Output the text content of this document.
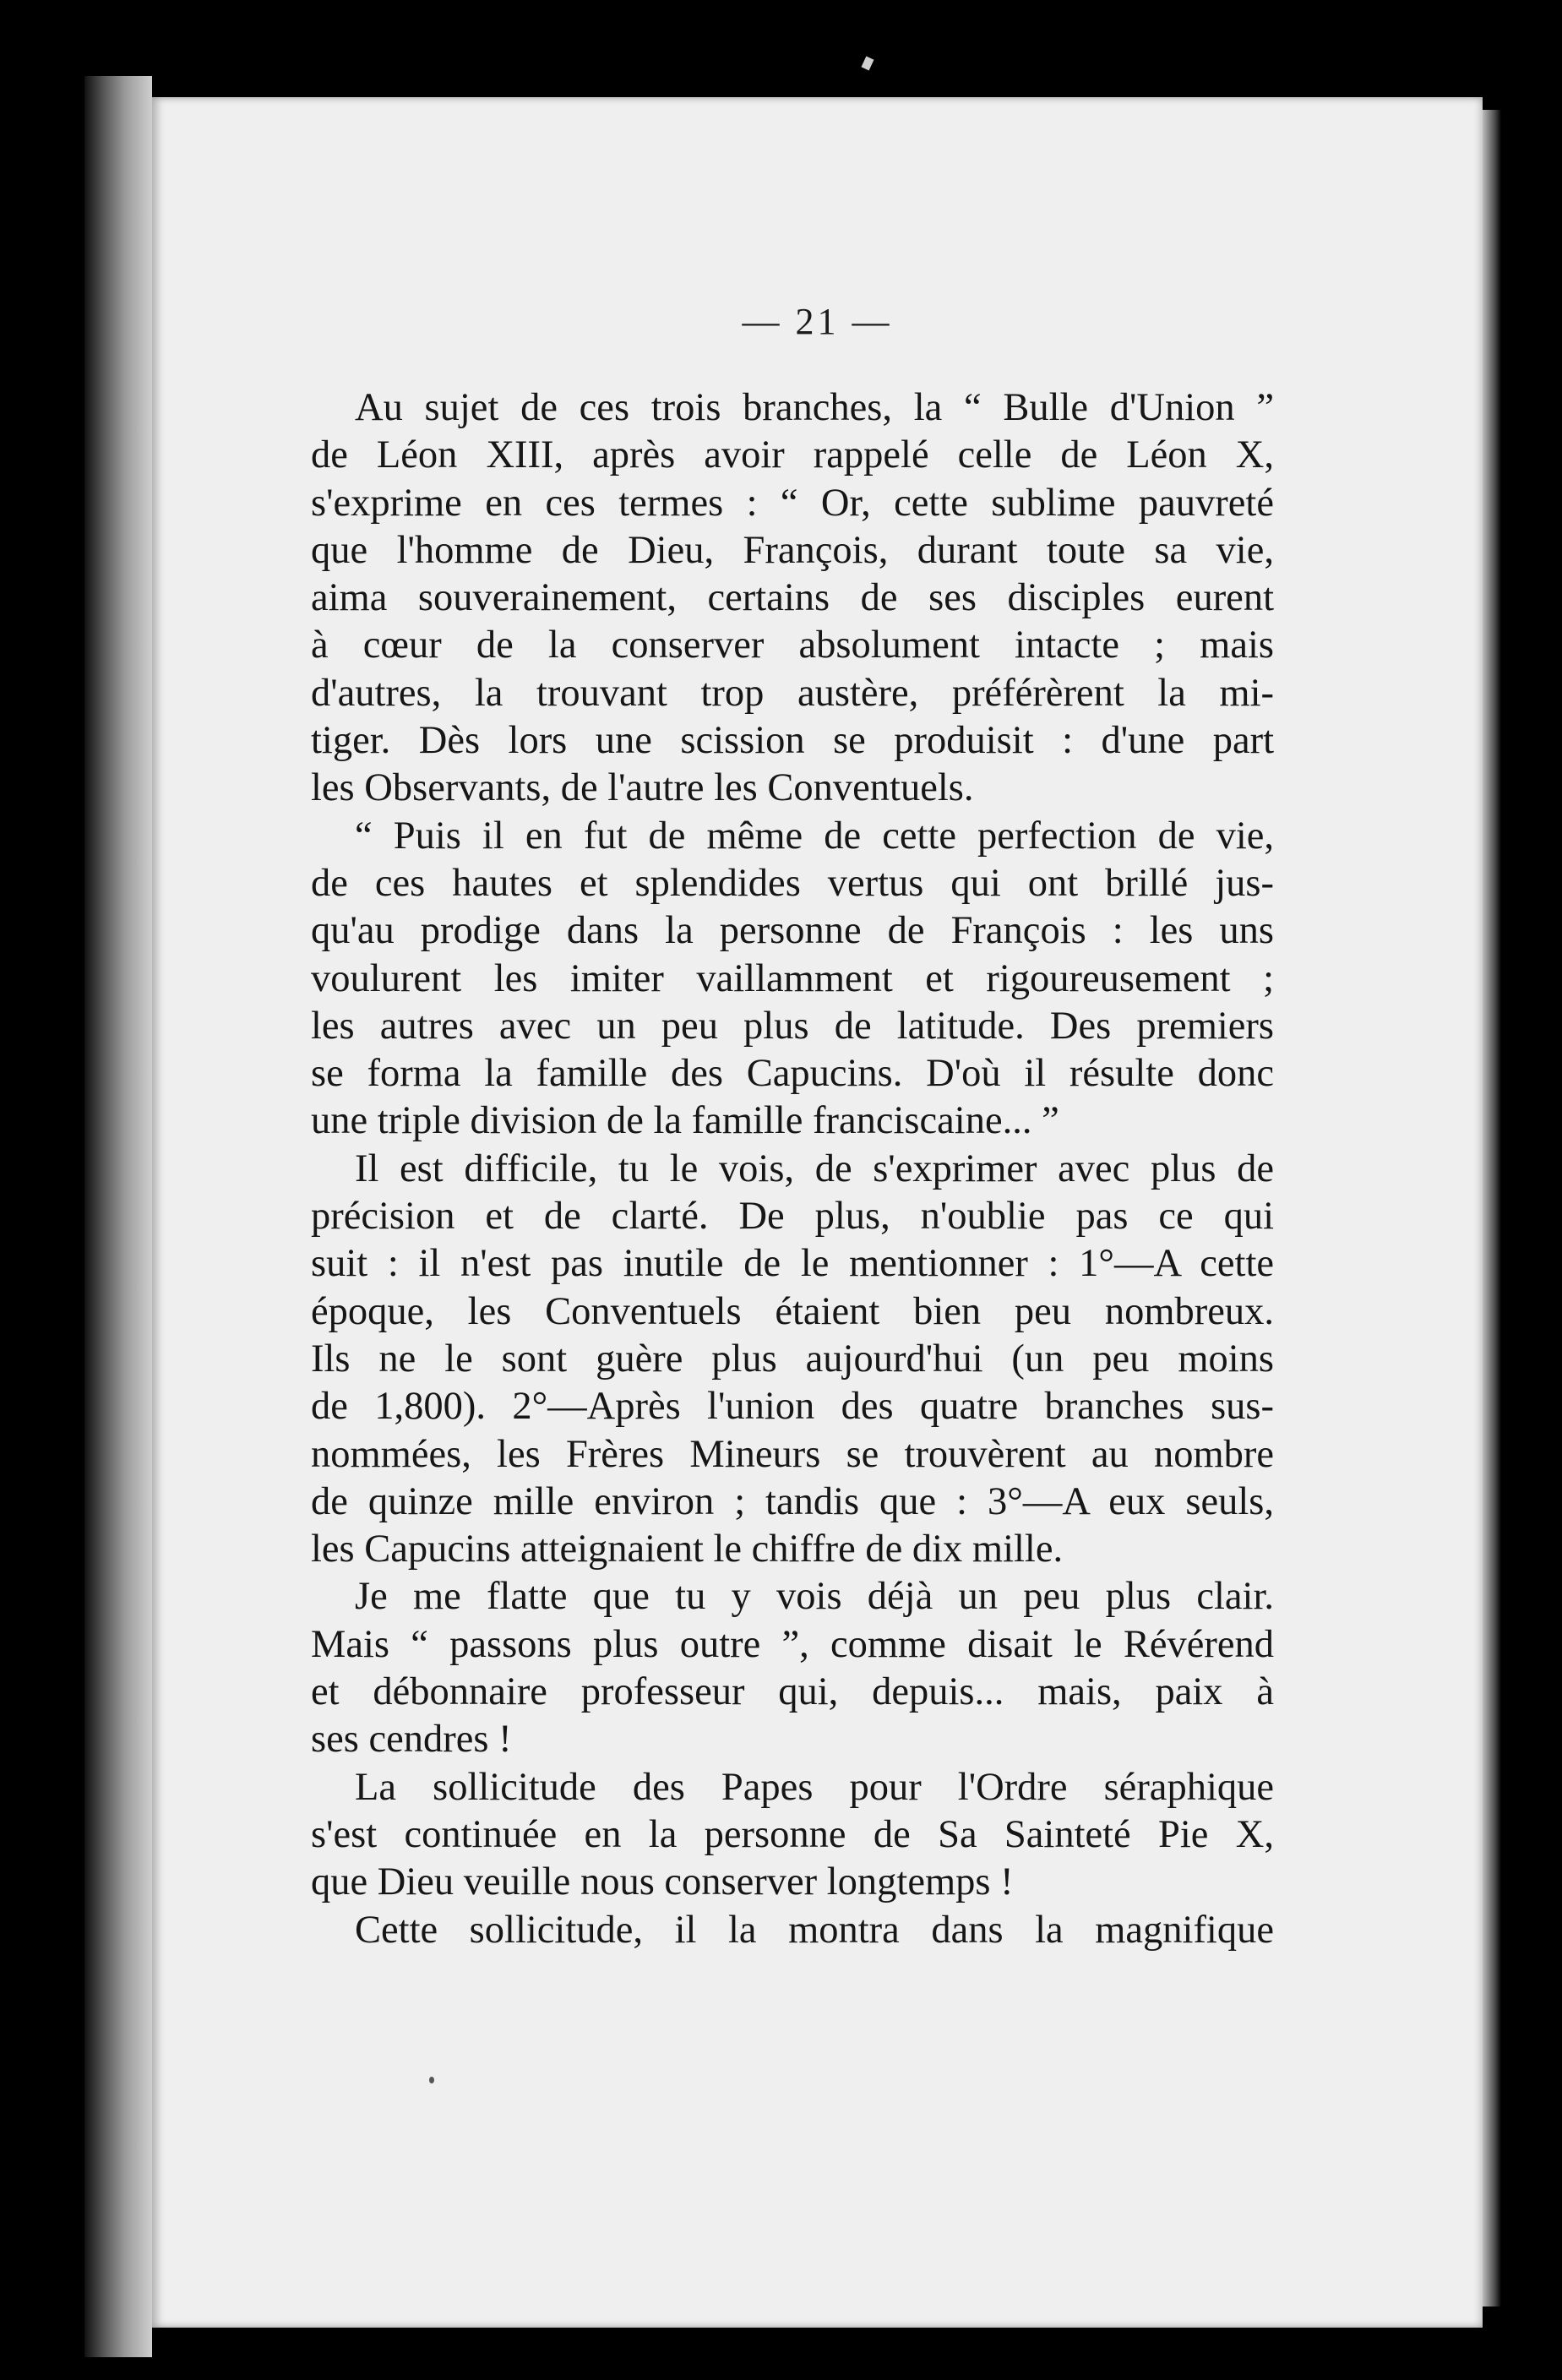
— 21 —
Au sujet de ces trois branches, la “ Bulle d'Union ”
de Léon XIII, après avoir rappelé celle de Léon X,
s'exprime en ces termes : “ Or, cette sublime pauvreté
que l'homme de Dieu, François, durant toute sa vie,
aima souverainement, certains de ses disciples eurent
à cœur de la conserver absolument intacte ; mais
d'autres, la trouvant trop austère, préférèrent la mi-
tiger. Dès lors une scission se produisit : d'une part
les Observants, de l'autre les Conventuels.
“ Puis il en fut de même de cette perfection de vie,
de ces hautes et splendides vertus qui ont brillé jus-
qu'au prodige dans la personne de François : les uns
voulurent les imiter vaillamment et rigoureusement ;
les autres avec un peu plus de latitude. Des premiers
se forma la famille des Capucins. D'où il résulte donc
une triple division de la famille franciscaine... ”
Il est difficile, tu le vois, de s'exprimer avec plus de
précision et de clarté. De plus, n'oublie pas ce qui
suit : il n'est pas inutile de le mentionner : 1°—A cette
époque, les Conventuels étaient bien peu nombreux.
Ils ne le sont guère plus aujourd'hui (un peu moins
de 1,800). 2°—Après l'union des quatre branches sus-
nommées, les Frères Mineurs se trouvèrent au nombre
de quinze mille environ ; tandis que : 3°—A eux seuls,
les Capucins atteignaient le chiffre de dix mille.
Je me flatte que tu y vois déjà un peu plus clair.
Mais “ passons plus outre ”, comme disait le Révérend
et débonnaire professeur qui, depuis... mais, paix à
ses cendres !
La sollicitude des Papes pour l'Ordre séraphique
s'est continuée en la personne de Sa Sainteté Pie X,
que Dieu veuille nous conserver longtemps !
Cette sollicitude, il la montra dans la magnifique
